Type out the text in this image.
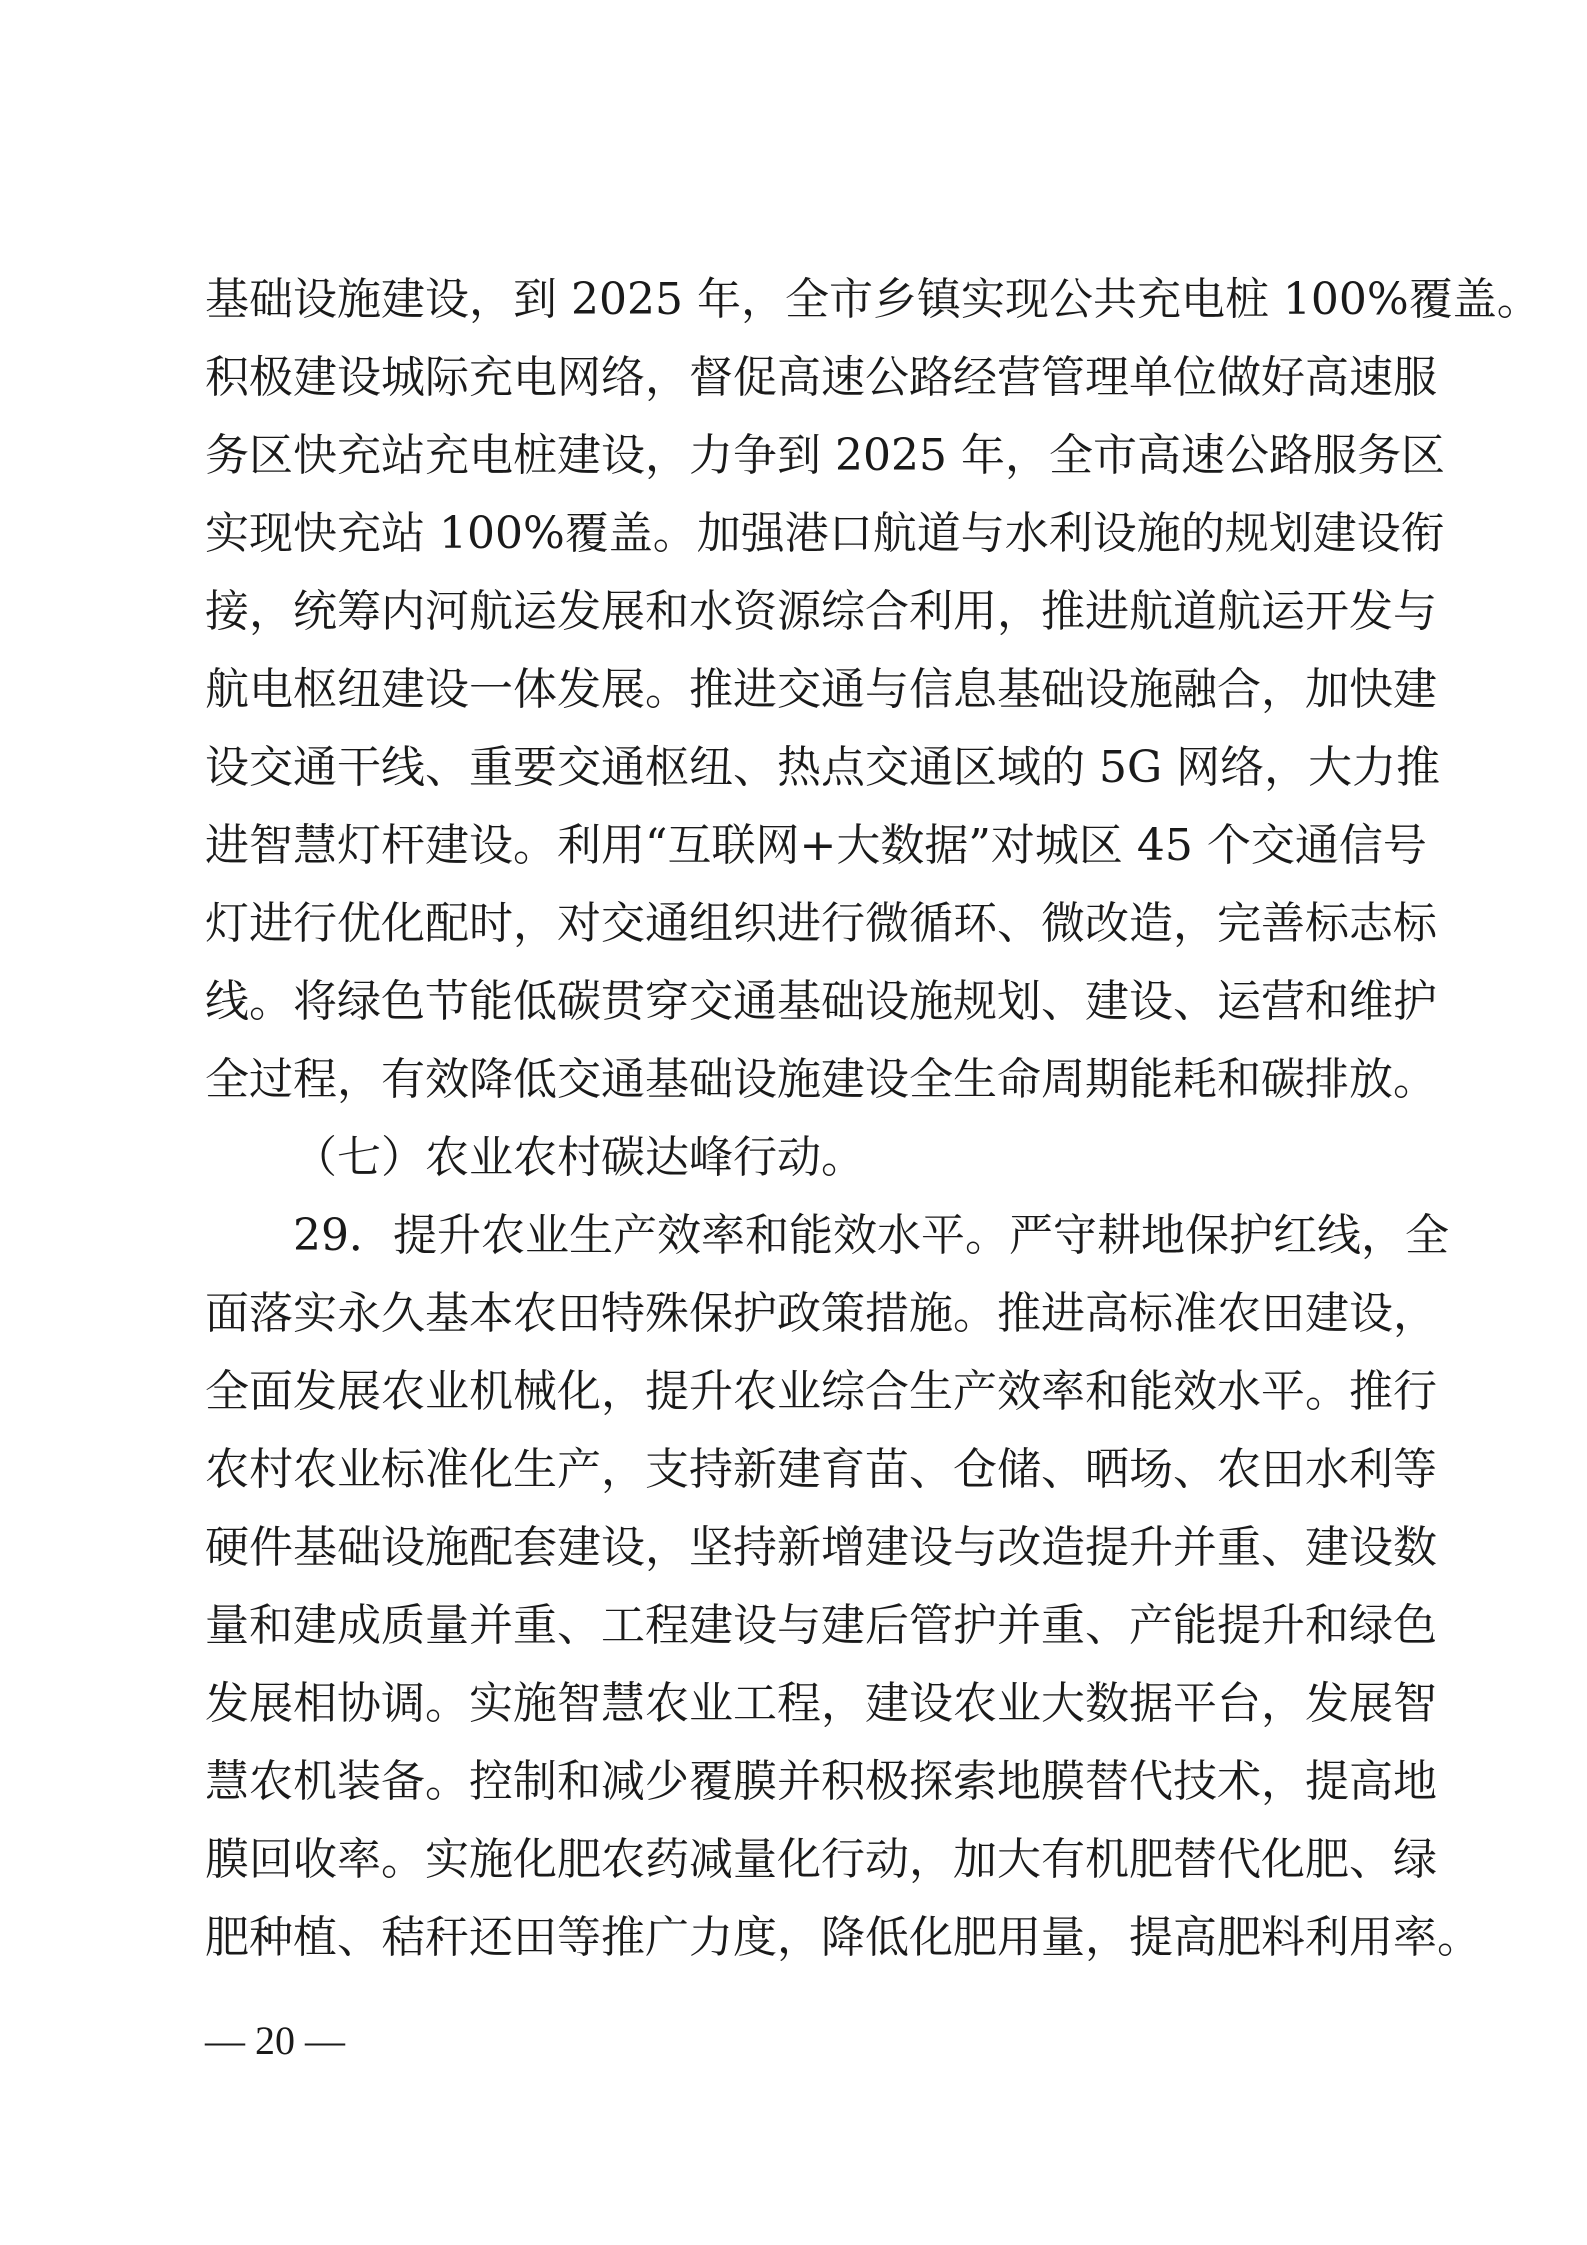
基础设施建设，到 2025 年，全市乡镇实现公共充电桩 100%覆盖。
积极建设城际充电网络，督促高速公路经营管理单位做好高速服
务区快充站充电桩建设，力争到 2025 年，全市高速公路服务区
实现快充站 100%覆盖。加强港口航道与水利设施的规划建设衔
接，统筹内河航运发展和水资源综合利用，推进航道航运开发与
航电枢纽建设一体发展。推进交通与信息基础设施融合，加快建
设交通干线、重要交通枢纽、热点交通区域的 5G 网络，大力推
进智慧灯杆建设。利用“互联网+大数据”对城区 45 个交通信号
灯进行优化配时，对交通组织进行微循环、微改造，完善标志标
线。将绿色节能低碳贯穿交通基础设施规划、建设、运营和维护
全过程，有效降低交通基础设施建设全生命周期能耗和碳排放。
（七）农业农村碳达峰行动。
29．提升农业生产效率和能效水平。严守耕地保护红线，全
面落实永久基本农田特殊保护政策措施。推进高标准农田建设，
全面发展农业机械化，提升农业综合生产效率和能效水平。推行
农村农业标准化生产，支持新建育苗、仓储、晒场、农田水利等
硬件基础设施配套建设，坚持新增建设与改造提升并重、建设数
量和建成质量并重、工程建设与建后管护并重、产能提升和绿色
发展相协调。实施智慧农业工程，建设农业大数据平台，发展智
慧农机装备。控制和减少覆膜并积极探索地膜替代技术，提高地
膜回收率。实施化肥农药减量化行动，加大有机肥替代化肥、绿
肥种植、秸秆还田等推广力度，降低化肥用量，提高肥料利用率。
— 20 —
